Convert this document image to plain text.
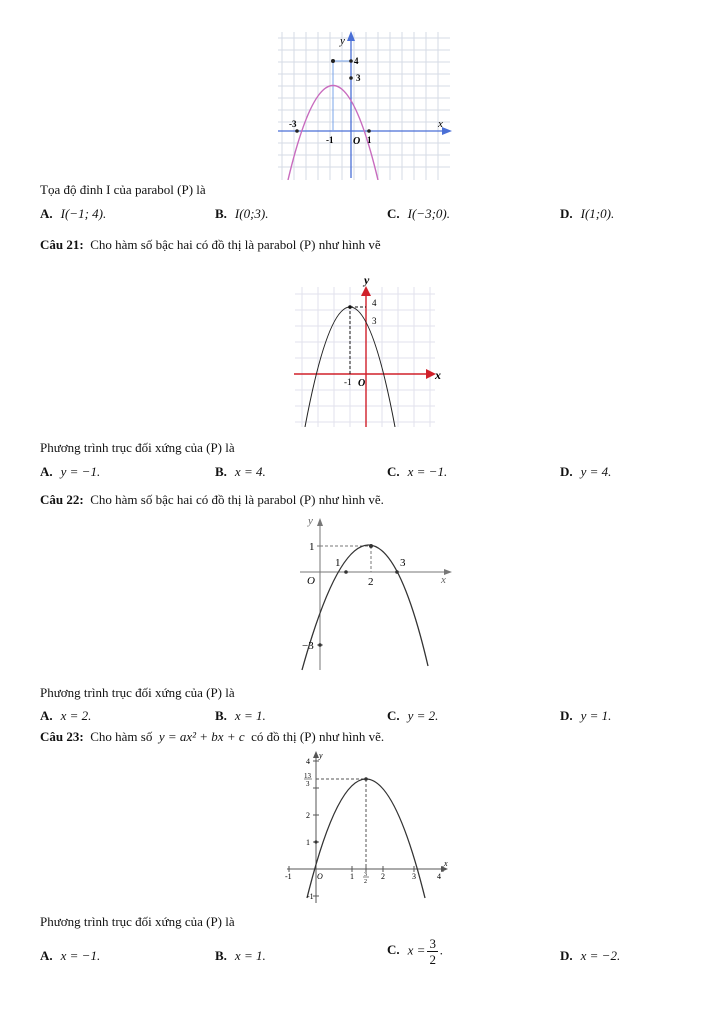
y
x
4
3
-3
-1 O 1
Tọa độ đỉnh I của parabol (P) là
A. I(−1; 4).	B. I(0;3).	C. I(−3;0).	D. I(1;0).
Câu 21: Cho hàm số bậc hai có đồ thị là parabol (P) như hình vẽ
y
x
4
3
-1 O
Phương trình trục đối xứng của (P) là
A. y = −1.	B. x = 4.	C. x = −1.	D. y = 4.
Câu 22: Cho hàm số bậc hai có đồ thị là parabol (P) như hình vẽ.
y
x
O
1
1
2
3
−3
Phương trình trục đối xứng của (P) là
A. x = 2.	B. x = 1.	C. y = 2.	D. y = 1.
Câu 23: Cho hàm số y = ax² + bx + c có đồ thị (P) như hình vẽ.
y
x
4
13
3
2
1
-1
O
-1	1 3
2
2	3	4
Phương trình trục đối xứng của (P) là
A. x = −1.	B. x = 1.	C. $x = \frac{3}{2}$ .	D. x = −2.
